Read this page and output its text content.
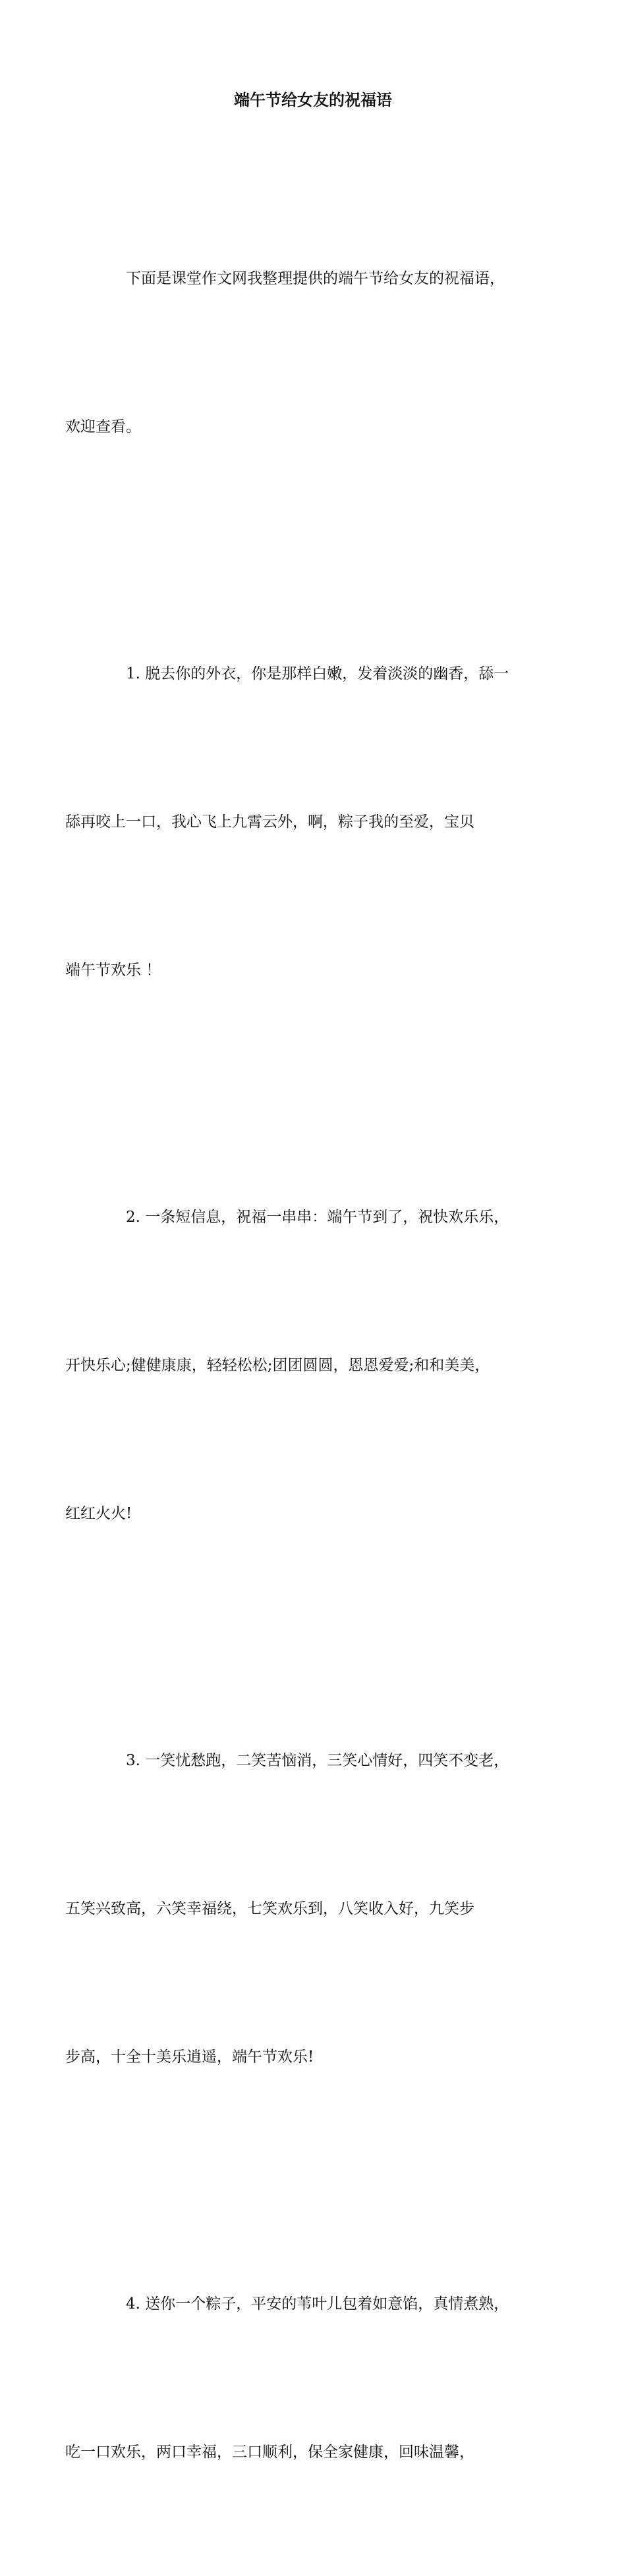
端午节给女友的祝福语

下面是课堂作文网我整理提供的端午节给女友的祝福语，

欢迎查看。

1. 脱去你的外衣，你是那样白嫩，发着淡淡的幽香，舔一

舔再咬上一口，我心飞上九霄云外，啊，粽子我的至爱，宝贝

端午节欢乐 ！

2. 一条短信息，祝福一串串：端午节到了，祝快欢乐乐，

开快乐心;健健康康，轻轻松松;团团圆圆，恩恩爱爱;和和美美，

红红火火!

3. 一笑忧愁跑，二笑苦恼消，三笑心情好，四笑不变老，

五笑兴致高，六笑幸福绕，七笑欢乐到，八笑收入好，九笑步

步高，十全十美乐逍遥，端午节欢乐!

4. 送你一个粽子，平安的苇叶儿包着如意馅，真情煮熟，

吃一口欢乐，两口幸福，三口顺利，保全家健康，回味温馨，
